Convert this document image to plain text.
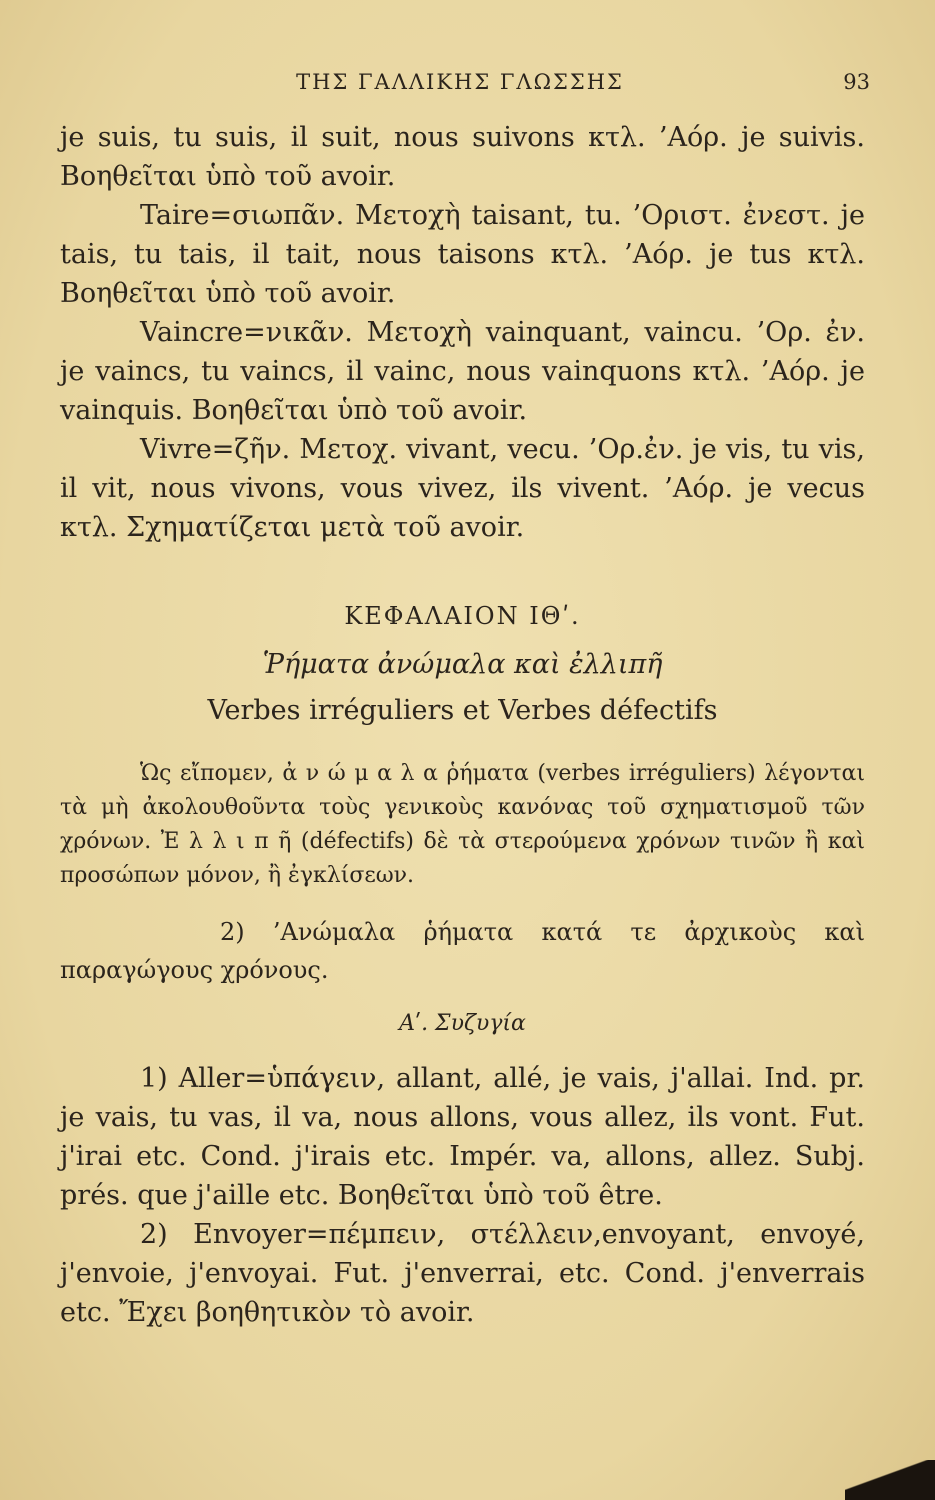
ΤΗΣ ΓΑΛΛΙΚΗΣ ΓΛΩΣΣΗΣ	93

je suis, tu suis, il suit, nous suivons κτλ. ’Αόρ. je suivis. Βοηθεῖται ὑπὸ τοῦ avoir.

Taire=σιωπᾶν. Μετοχὴ taisant, tu. ’Οριστ. ἐνεστ. je tais, tu tais, il tait, nous taisons κτλ. ’Αόρ. je tus κτλ. Βοηθεῖται ὑπὸ τοῦ avoir.

Vaincre=νικᾶν. Μετοχὴ vainquant, vaincu. ’Ορ. ἐν. je vaincs, tu vaincs, il vainc, nous vainquons κτλ. ’Αόρ. je vainquis. Βοηθεῖται ὑπὸ τοῦ avoir.

Vivre=ζῆν. Μετοχ. vivant, vecu. ’Ορ.ἐν. je vis, tu vis, il vit, nous vivons, vous vivez, ils vivent. ’Αόρ. je vecus κτλ. Σχηματίζεται μετὰ τοῦ avoir.

ΚΕΦΑΛΑΙΟΝ ΙΘʹ.
Ῥήματα ἀνώμαλα καὶ ἐλλιπῆ
Verbes irréguliers et Verbes défectifs
Ὡς εἴπομεν, ἀ ν ώ μ α λ α ῥήματα (verbes irréguliers) λέγονται τὰ μὴ ἀκολουθοῦντα τοὺς γενικοὺς κανόνας τοῦ σχηματισμοῦ τῶν χρόνων. Ἐ λ λ ι π ῆ (défectifs) δὲ τὰ στερούμενα χρόνων τινῶν ἢ καὶ προσώπων μόνον, ἢ ἐγκλίσεων.
2) ’Ανώμαλα ῥήματα κατά τε ἀρχικοὺς καὶ παραγώγους χρόνους.
Αʹ. Συζυγία

1) Aller=ὑπάγειν, allant, allé, je vais, j'allai. Ind. pr. je vais, tu vas, il va, nous allons, vous allez, ils vont. Fut. j'irai etc. Cond. j'irais etc. Impér. va, allons, allez. Subj. prés. que j'aille etc. Βοηθεῖται ὑπὸ τοῦ être.

2) Envoyer=πέμπειν, στέλλειν,envoyant, envoyé, j'envoie, j'envoyai. Fut. j'enverrai, etc. Cond. j'enverrais etc. Ἔχει βοηθητικὸν τὸ avoir.
